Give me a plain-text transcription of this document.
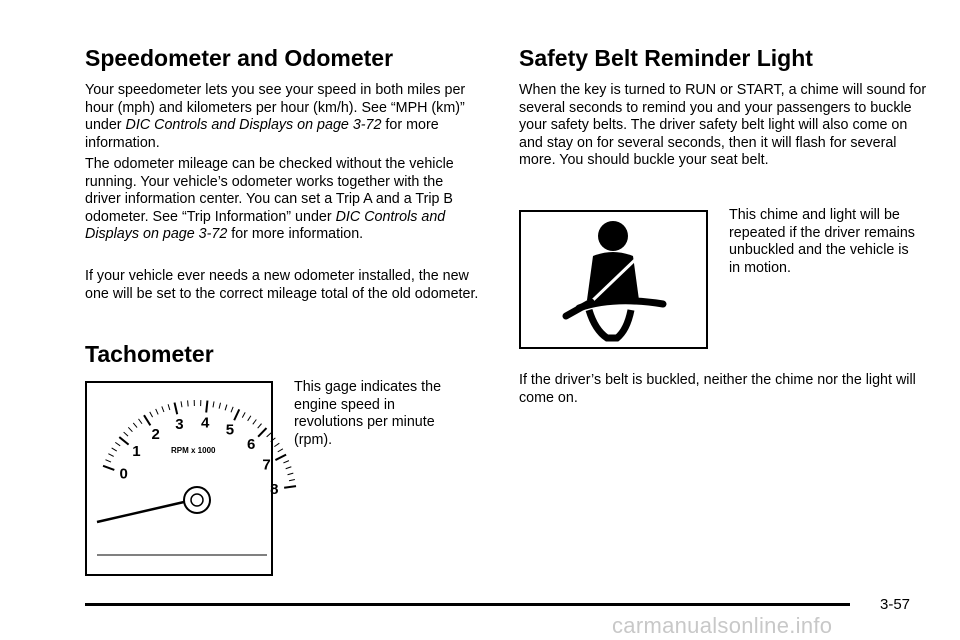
Speedometer and Odometer

Your speedometer lets you see your speed in both miles per hour (mph) and kilometers per hour (km/h). See “MPH (km)” under DIC Controls and Displays on page 3-72 for more information.

The odometer mileage can be checked without the vehicle running. Your vehicle’s odometer works together with the driver information center. You can set a Trip A and a Trip B odometer. See “Trip Information” under DIC Controls and Displays on page 3-72 for more information.

If your vehicle ever needs a new odometer installed, the new one will be set to the correct mileage total of the old odometer.

Tachometer
0
1
2
3 4 5
6
7
8
RPM x 1000

This gage indicates the engine speed in revolutions per minute (rpm).

Safety Belt Reminder Light

When the key is turned to RUN or START, a chime will sound for several seconds to remind you and your passengers to buckle your safety belts. The driver safety belt light will also come on and stay on for several seconds, then it will flash for several more. You should buckle your seat belt.

This chime and light will be repeated if the driver remains unbuckled and the vehicle is in motion.

If the driver’s belt is buckled, neither the chime nor the light will come on.

3-57
carmanualsonline.info
